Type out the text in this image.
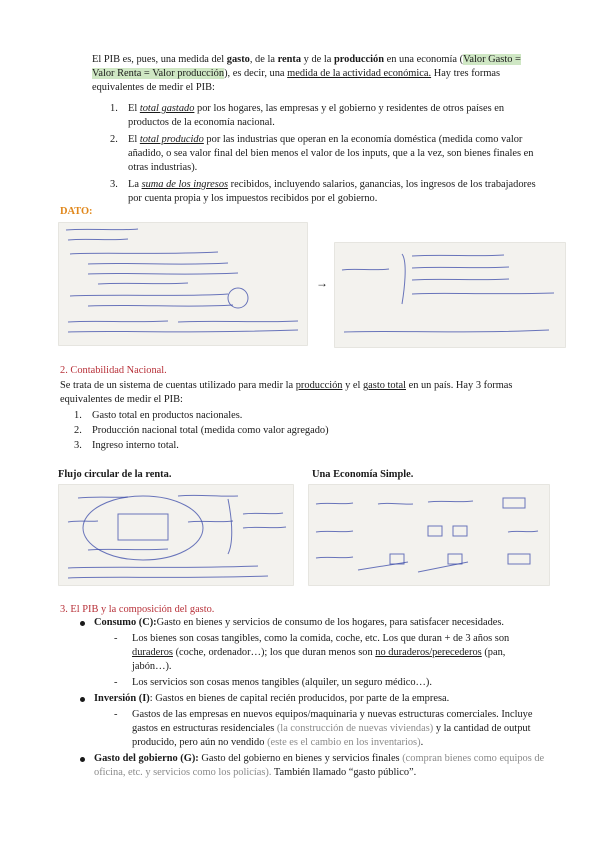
El PIB es, pues, una medida del gasto, de la renta y de la producción en una economía (Valor Gasto = Valor Renta = Valor producción), es decir, una medida de la actividad económica. Hay tres formas equivalentes de medir el PIB:
1. El total gastado por los hogares, las empresas y el gobierno y residentes de otros países en productos de la economía nacional.
2. El total producido por las industrias que operan en la economía doméstica (medida como valor añadido, o sea valor final del bien menos el valor de los inputs, que a la vez, son bienes finales en otras industrias).
3. La suma de los ingresos recibidos, incluyendo salarios, ganancias, los ingresos de los trabajadores por cuenta propia y los impuestos recibidos por el gobierno.
DATO:
→
2. Contabilidad Nacional.
Se trata de un sistema de cuentas utilizado para medir la producción y el gasto total en un país. Hay 3 formas equivalentes de medir el PIB:
1. Gasto total en productos nacionales.
2. Producción nacional total (medida como valor agregado)
3. Ingreso interno total.
Flujo circular de la renta.	Una Economía Simple.
3. El PIB y la composición del gasto.
Consumo (C):Gasto en bienes y servicios de consumo de los hogares, para satisfacer necesidades.
- Los bienes son cosas tangibles, como la comida, coche, etc. Los que duran + de 3 años son duraderos (coche, ordenador…); los que duran menos son no duraderos/perecederos (pan, jabón…).
- Los servicios son cosas menos tangibles (alquiler, un seguro médico…).
Inversión (I): Gastos en bienes de capital recién producidos, por parte de la empresa.
- Gastos de las empresas en nuevos equipos/maquinaria y nuevas estructuras comerciales. Incluye gastos en estructuras residenciales (la construcción de nuevas viviendas) y la cantidad de output producido, pero aún no vendido (este es el cambio en los inventarios).
Gasto del gobierno (G): Gasto del gobierno en bienes y servicios finales (compran bienes como equipos de oficina, etc. y servicios como los policías). También llamado “gasto público”.
